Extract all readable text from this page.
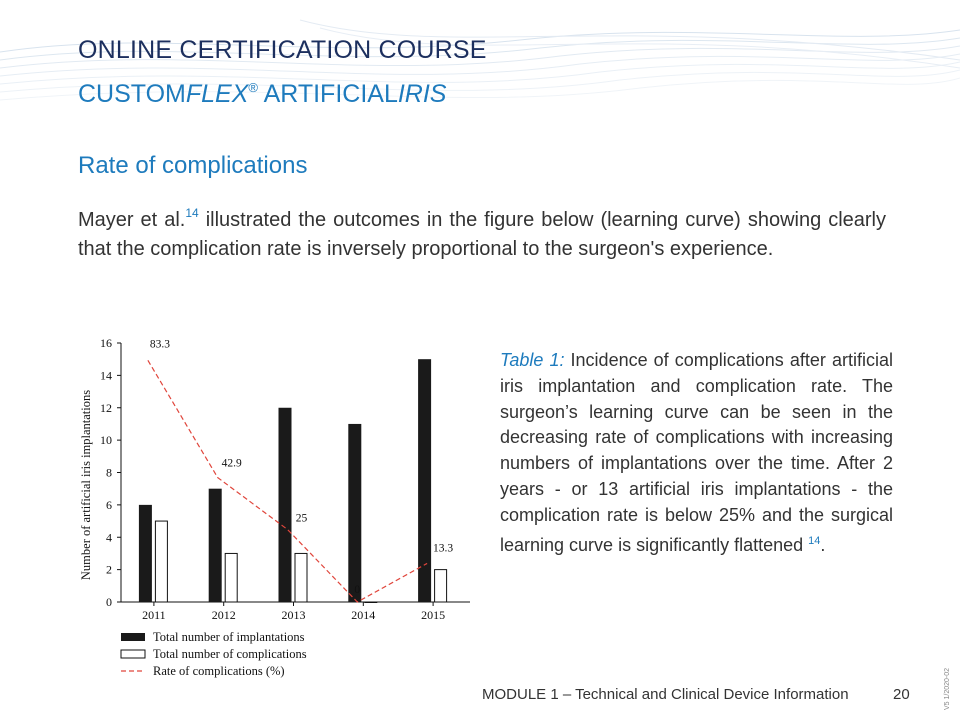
ONLINE CERTIFICATION COURSE
CUSTOMFLEX® ARTIFICIALIRIS
Rate of complications
Mayer et al.$^{14}$ illustrated the outcomes in the figure below (learning curve) showing clearly that the complication rate is inversely proportional to the surgeon's experience.
0
2
4
6
8
10
12
14
16
2011	2012	2013	2014	2015
83.3
42.9
25
0
13.3
Number of artificial iris implantations
Total number of implantations
Total number of complications
Rate of complications (%)
Table 1: Incidence of complications after artificial iris implantation and complication rate. The surgeon’s learning curve can be seen in the decreasing rate of complications with increasing numbers of implantations over the time. After 2 years - or 13 artificial iris implantations - the complication rate is below 25% and the surgical learning curve is significantly flattened $^{14}$.
MODULE 1 – Technical and Clinical Device Information	20	V5 1/2020-02
